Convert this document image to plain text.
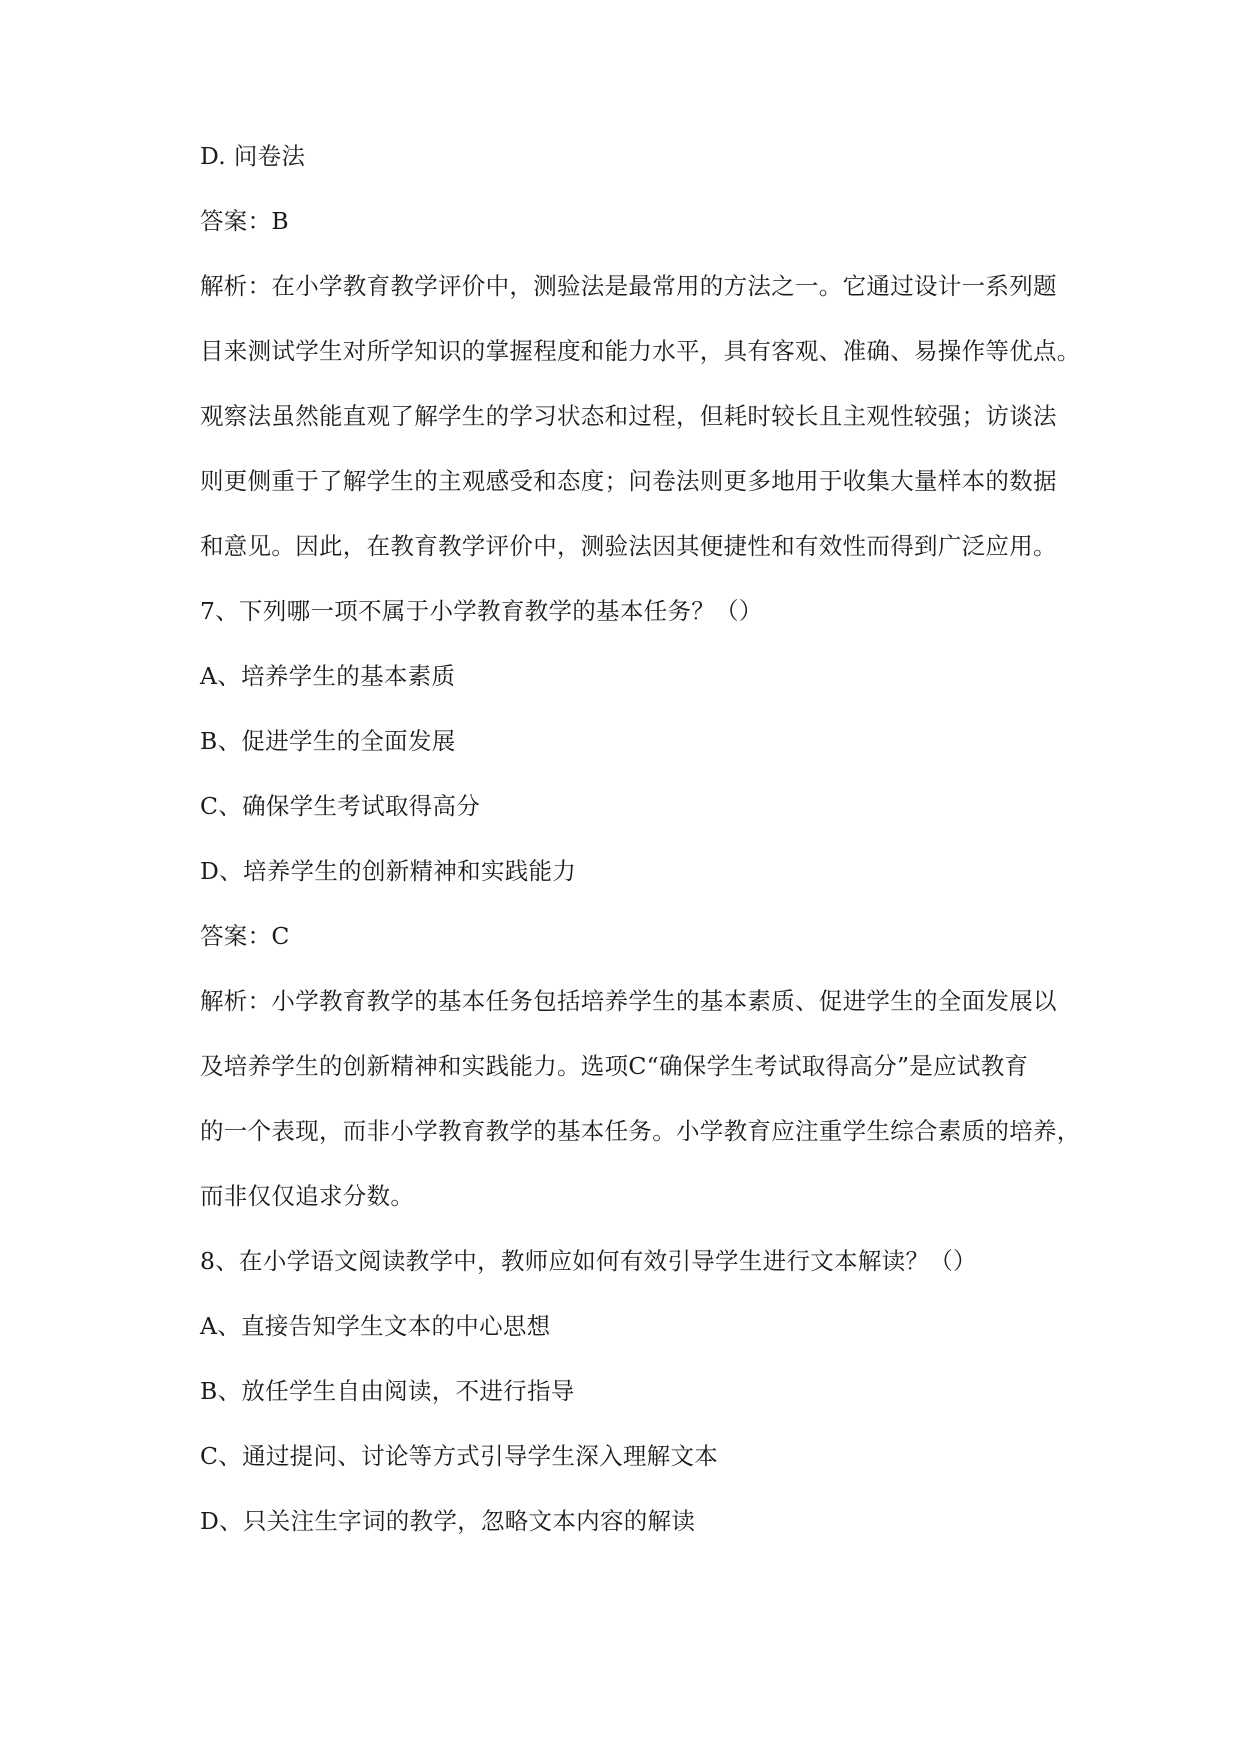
D. 问卷法
答案：B
解析：在小学教育教学评价中，测验法是最常用的方法之一。它通过设计一系列题
目来测试学生对所学知识的掌握程度和能力水平，具有客观、准确、易操作等优点。
观察法虽然能直观了解学生的学习状态和过程，但耗时较长且主观性较强；访谈法
则更侧重于了解学生的主观感受和态度；问卷法则更多地用于收集大量样本的数据
和意见。因此，在教育教学评价中，测验法因其便捷性和有效性而得到广泛应用。
7、下列哪一项不属于小学教育教学的基本任务？（）
A、培养学生的基本素质
B、促进学生的全面发展
C、确保学生考试取得高分
D、培养学生的创新精神和实践能力
答案：C
解析：小学教育教学的基本任务包括培养学生的基本素质、促进学生的全面发展以
及培养学生的创新精神和实践能力。选项C“确保学生考试取得高分”是应试教育
的一个表现，而非小学教育教学的基本任务。小学教育应注重学生综合素质的培养，
而非仅仅追求分数。
8、在小学语文阅读教学中，教师应如何有效引导学生进行文本解读？（）
A、直接告知学生文本的中心思想
B、放任学生自由阅读，不进行指导
C、通过提问、讨论等方式引导学生深入理解文本
D、只关注生字词的教学，忽略文本内容的解读
